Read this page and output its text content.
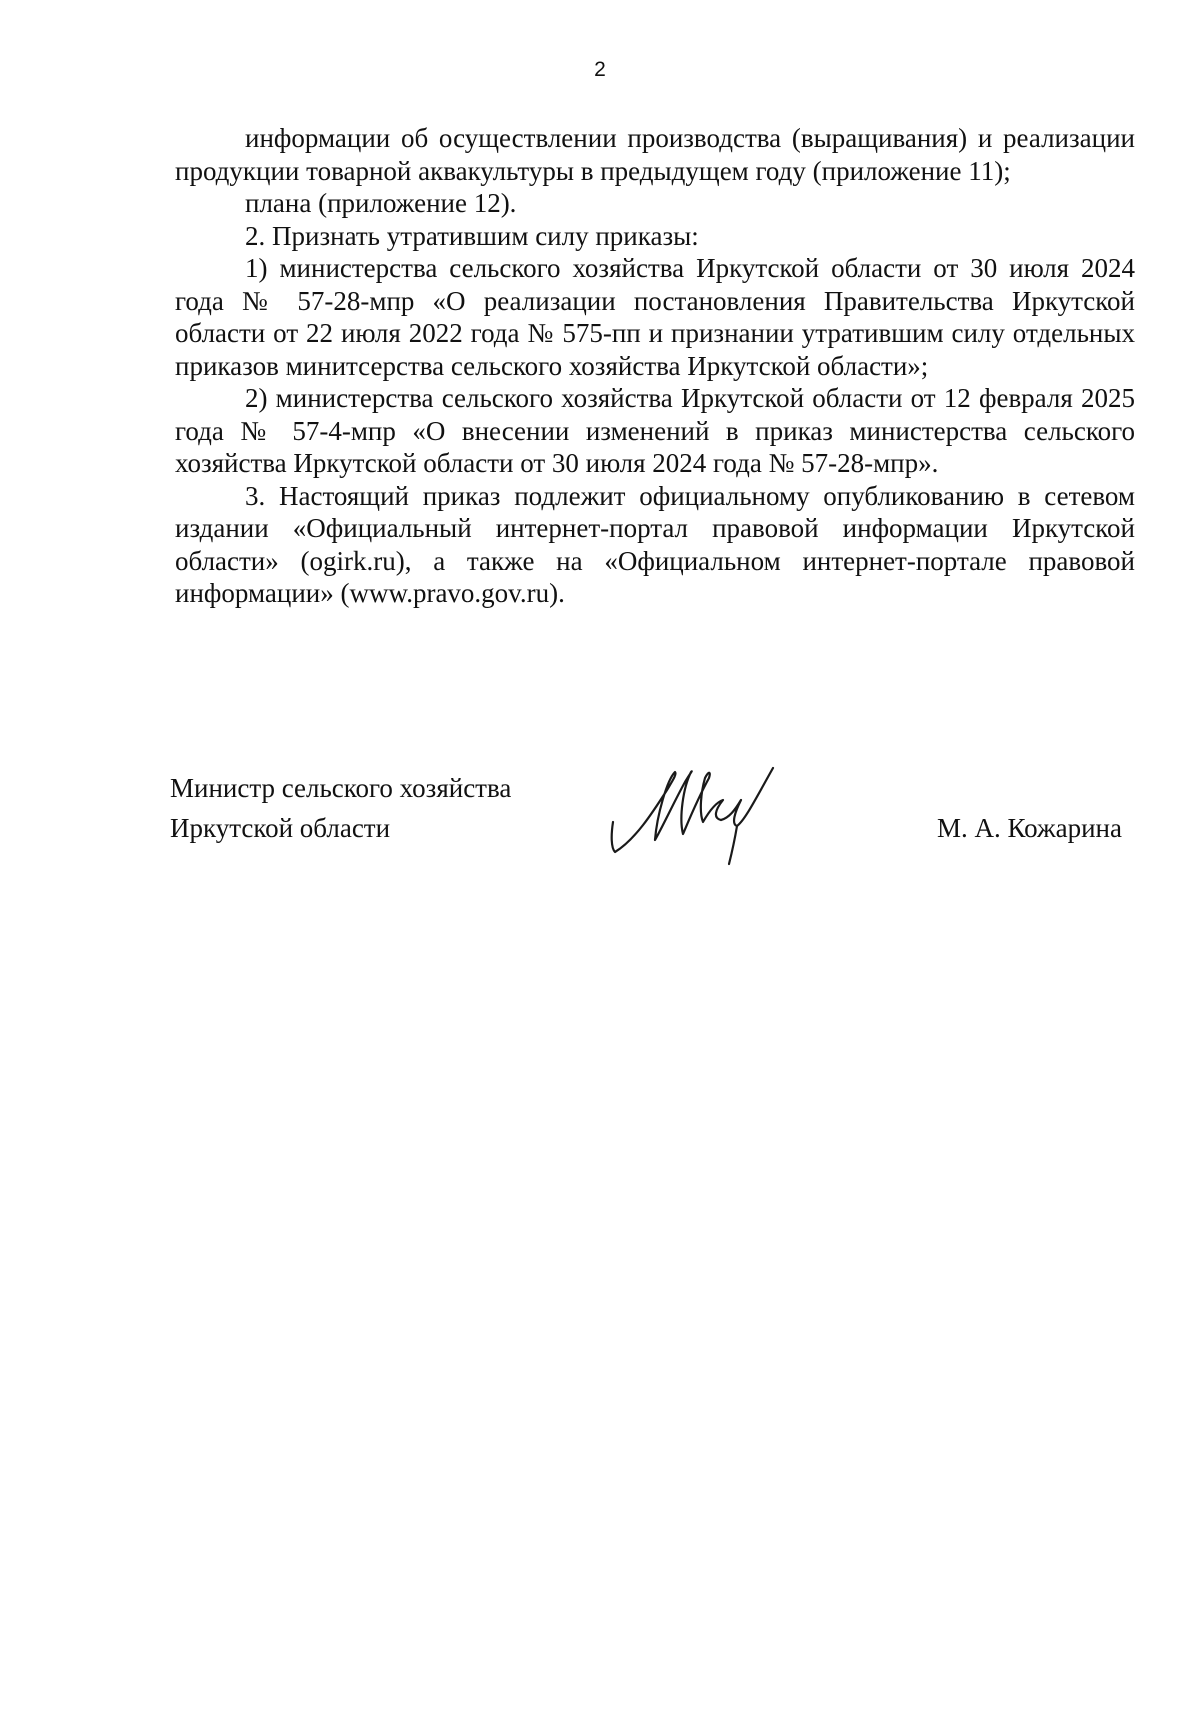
2

информации об осуществлении производства (выращивания) и реализации продукции товарной аквакультуры в предыдущем году (приложение 11);

плана (приложение 12).

2. Признать утратившим силу приказы:

1) министерства сельского хозяйства Иркутской области от 30 июля 2024 года № 57-28-мпр «О реализации постановления Правительства Иркутской области от 22 июля 2022 года № 575-пп и признании утратившим силу отдельных приказов минитсерства сельского хозяйства Иркутской области»;

2) министерства сельского хозяйства Иркутской области от 12 февраля 2025 года № 57-4-мпр «О внесении изменений в приказ министерства сельского хозяйства Иркутской области от 30 июля 2024 года № 57-28-мпр».

3. Настоящий приказ подлежит официальному опубликованию в сетевом издании «Официальный интернет-портал правовой информации Иркутской области» (ogirk.ru), а также на «Официальном интернет-портале правовой информации» (www.pravo.gov.ru).

Министр сельского хозяйства
Иркутской области	М. А. Кожарина
